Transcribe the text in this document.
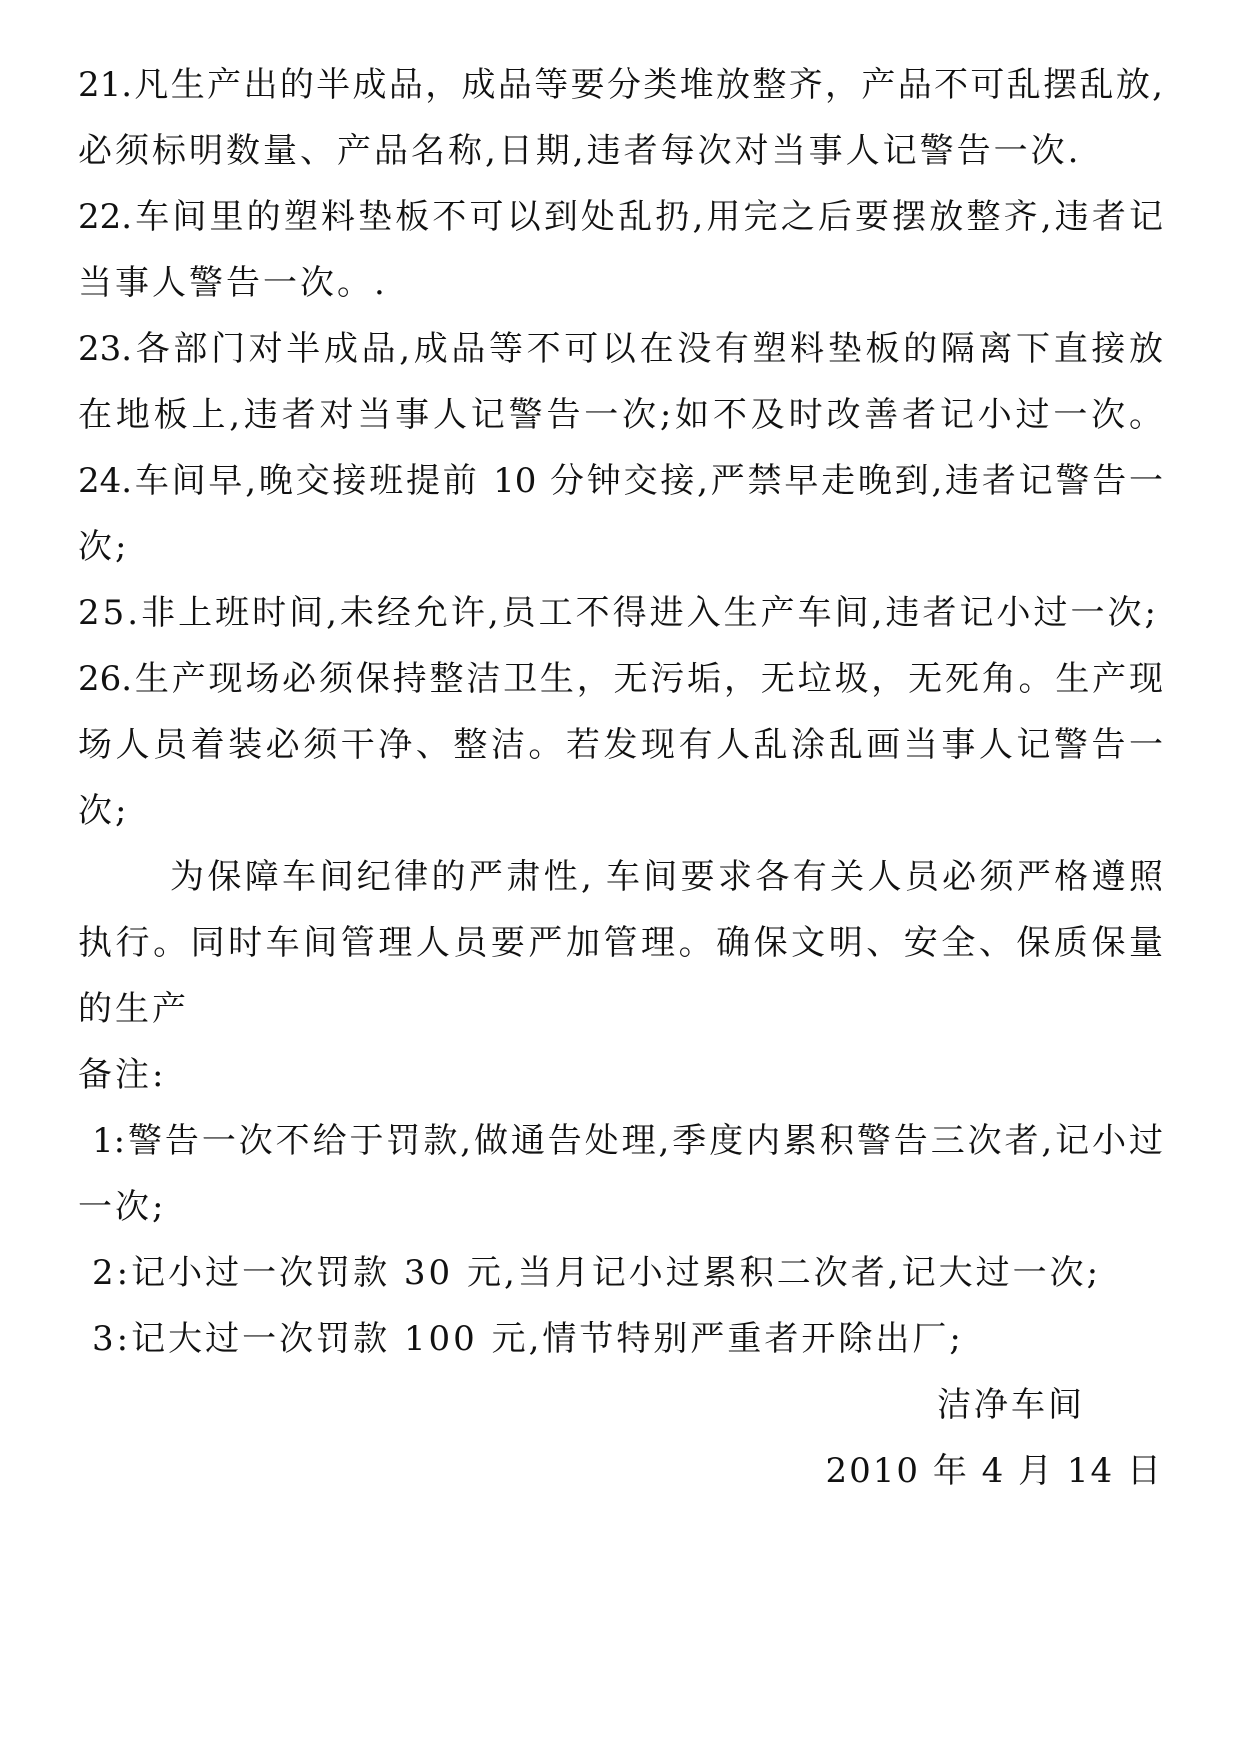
21.凡生产出的半成品，成品等要分类堆放整齐，产品不可乱摆乱放,
必须标明数量、产品名称,日期,违者每次对当事人记警告一次.
22.车间里的塑料垫板不可以到处乱扔,用完之后要摆放整齐,违者记
当事人警告一次。.
23.各部门对半成品,成品等不可以在没有塑料垫板的隔离下直接放
在地板上,违者对当事人记警告一次;如不及时改善者记小过一次。
24.车间早,晚交接班提前 10 分钟交接,严禁早走晚到,违者记警告一
次;
25.非上班时间,未经允许,员工不得进入生产车间,违者记小过一次;
26.生产现场必须保持整洁卫生，无污垢，无垃圾，无死角。生产现
场人员着装必须干净、整洁。若发现有人乱涂乱画当事人记警告一
次;
为保障车间纪律的严肃性, 车间要求各有关人员必须严格遵照
执行。同时车间管理人员要严加管理。确保文明、安全、保质保量
的生产
备注:
1:警告一次不给于罚款,做通告处理,季度内累积警告三次者,记小过
一次;
2:记小过一次罚款 30 元,当月记小过累积二次者,记大过一次;
3:记大过一次罚款 100 元,情节特别严重者开除出厂;
洁净车间
2010 年 4 月 14 日
